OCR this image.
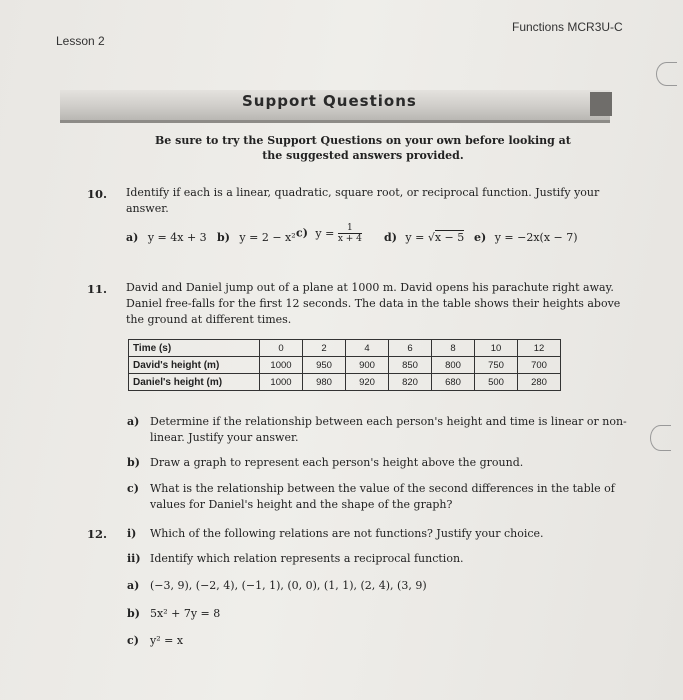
Lesson 2
Functions MCR3U-C
Support Questions
Be sure to try the Support Questions on your own before looking at
the suggested answers provided.
10. Identify if each is a linear, quadratic, square root, or reciprocal function. Justify your
answer.
a) y = 4x + 3 b) y = 2 − x² c) $y = \frac{1}{x + 4} d$) y = √x − 5 e) y = −2x(x − 7)
11. David and Daniel jump out of a plane at 1000 m. David opens his parachute right away.
Daniel free-falls for the first 12 seconds. The data in the table shows their heights above
the ground at different times.
Time (s)	0	2	4	6	8	10	12
David's height (m)	1000	950	900	850	800	750	700
Daniel's height (m)	1000	980	920	820	680	500	280
a) Determine if the relationship between each person's height and time is linear or non-
linear. Justify your answer.
b) Draw a graph to represent each person's height above the ground.
c) What is the relationship between the value of the second differences in the table of
values for Daniel's height and the shape of the graph?
12. i) Which of the following relations are not functions? Justify your choice.
ii) Identify which relation represents a reciprocal function.
a) (−3, 9), (−2, 4), (−1, 1), (0, 0), (1, 1), (2, 4), (3, 9)
b) 5x² + 7y = 8
c) y² = x
